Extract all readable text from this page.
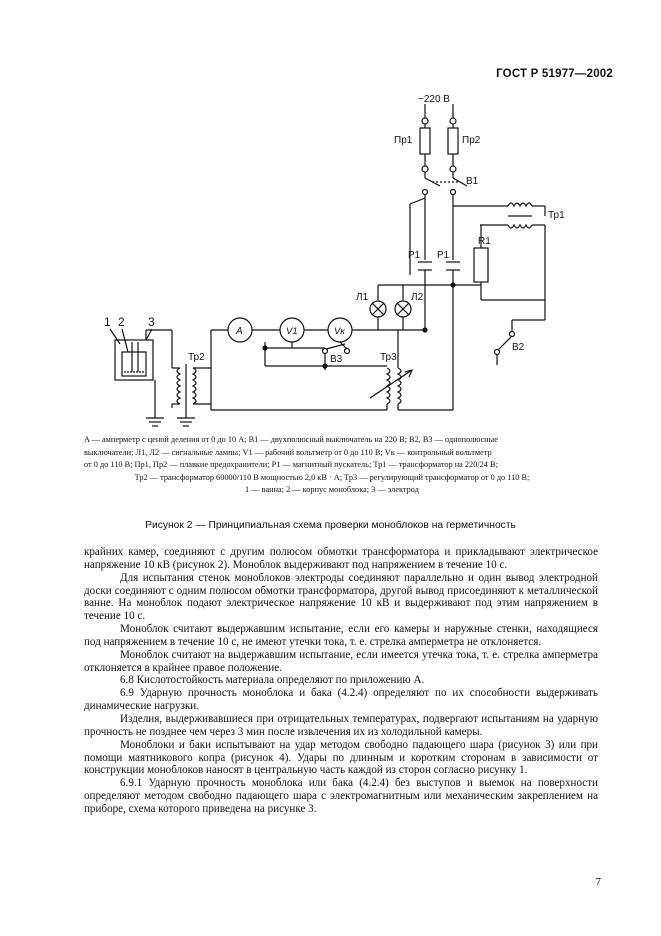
ГОСТ Р 51977—2002
~220 В
Пр1	Пр2
В1
Тр1
R1
В2
Р1 Р1
Л1	Л2
A	V1	Vк
В3
Тр2	Тр3
1 2 3

A — амперметр с ценой деления от 0 до 10 А; В1 — двухполюсный выключатель на 220 В; В2, В3 — однополюсные

выключатели; Л1, Л2 — сигнальные лампы; V1 — рабочий вольтметр от 0 до 110 В; Vк — контрольный вольтметр

от 0 до 110 В; Пр1, Пр2 — плавкие предохранители; Р1 — магнитный пускатель; Тр1 — трансформатор на 220/24 В;

Тр2 — трансформатор 60000/110 В мощностью 2,0 кВ · А; Тр3 — регулирующий трансформатор от 0 до 110 В;

1 — ванна; 2 — корпус моноблока; 3 — электрод

Рисунок 2 — Принципиальная схема проверки моноблоков на герметичность

крайних камер, соединяют с другим полюсом обмотки трансформатора и прикладывают электрическое напряжение 10 кВ (рисунок 2). Моноблок выдерживают под напряжением в течение 10 с.

Для испытания стенок моноблоков электроды соединяют параллельно и один вывод электродной доски соединяют с одним полюсом обмотки трансформатора, другой вывод присоединяют к металлической ванне. На моноблок подают электрическое напряжение 10 кВ и выдерживают под этим напряжением в течение 10 с.

Моноблок считают выдержавшим испытание, если его камеры и наружные стенки, находящиеся под напряжением в течение 10 с, не имеют утечки тока, т. е. стрелка амперметра не отклоняется.

Моноблок считают на выдержавшим испытание, если имеется утечка тока, т. е. стрелка амперметра отклоняется в крайнее правое положение.

6.8 Кислотостойкость материала определяют по приложению А.

6.9 Ударную прочность моноблока и бака (4.2.4) определяют по их способности выдерживать динамические нагрузки.

Изделия, выдерживавшиеся при отрицательных температурах, подвергают испытаниям на ударную прочность не позднее чем через 3 мин после извлечения их из холодильной камеры.

Моноблоки и баки испытывают на удар методом свободно падающего шара (рисунок 3) или при помощи маятникового копра (рисунок 4). Удары по длинным и коротким сторонам в зависимости от конструкции моноблоков наносят в центральную часть каждой из сторон согласно рисунку 1.

6.9.1 Ударную прочность моноблока или бака (4.2.4) без выступов и выемок на поверхности определяют методом свободно падающего шара с электромагнитным или механическим закреплением на приборе, схема которого приведена на рисунке 3.

7
